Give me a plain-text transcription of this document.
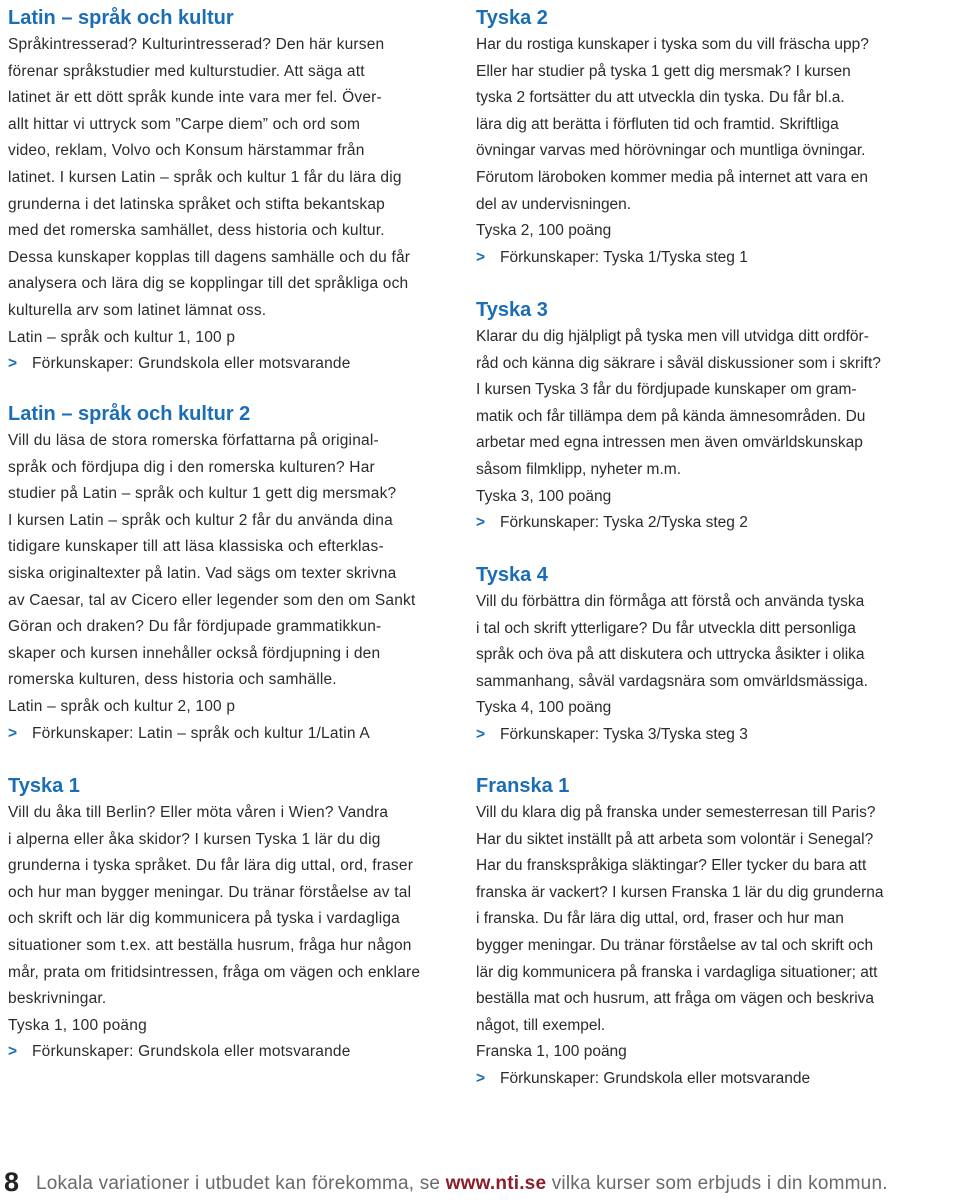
Latin – språk och kultur
Språkintresserad? Kulturintresserad? Den här kursen
förenar språkstudier med kulturstudier. Att säga att
latinet är ett dött språk kunde inte vara mer fel. Över-
allt hittar vi uttryck som ”Carpe diem” och ord som
video, reklam, Volvo och Konsum härstammar från
latinet. I kursen Latin – språk och kultur 1 får du lära dig
grunderna i det latinska språket och stifta bekantskap
med det romerska samhället, dess historia och kultur.
Dessa kunskaper kopplas till dagens samhälle och du får
analysera och lära dig se kopplingar till det språkliga och
kulturella arv som latinet lämnat oss.
Latin – språk och kultur 1, 100 p
> Förkunskaper: Grundskola eller motsvarande
Latin – språk och kultur 2
Vill du läsa de stora romerska författarna på original-
språk och fördjupa dig i den romerska kulturen? Har
studier på Latin – språk och kultur 1 gett dig mersmak?
I kursen Latin – språk och kultur 2 får du använda dina
tidigare kunskaper till att läsa klassiska och efterklas-
siska originaltexter på latin. Vad sägs om texter skrivna
av Caesar, tal av Cicero eller legender som den om Sankt
Göran och draken? Du får fördjupade grammatikkun-
skaper och kursen innehåller också fördjupning i den
romerska kulturen, dess historia och samhälle.
Latin – språk och kultur 2, 100 p
> Förkunskaper: Latin – språk och kultur 1/Latin A
Tyska 1
Vill du åka till Berlin? Eller möta våren i Wien? Vandra
i alperna eller åka skidor? I kursen Tyska 1 lär du dig
grunderna i tyska språket. Du får lära dig uttal, ord, fraser
och hur man bygger meningar. Du tränar förståelse av tal
och skrift och lär dig kommunicera på tyska i vardagliga
situationer som t.ex. att beställa husrum, fråga hur någon
mår, prata om fritidsintressen, fråga om vägen och enklare
beskrivningar.
Tyska 1, 100 poäng
> Förkunskaper: Grundskola eller motsvarande
Tyska 2
Har du rostiga kunskaper i tyska som du vill fräscha upp?
Eller har studier på tyska 1 gett dig mersmak? I kursen
tyska 2 fortsätter du att utveckla din tyska. Du får bl.a.
lära dig att berätta i förfluten tid och framtid. Skriftliga
övningar varvas med hörövningar och muntliga övningar.
Förutom läroboken kommer media på internet att vara en
del av undervisningen.
Tyska 2, 100 poäng
> Förkunskaper: Tyska 1/Tyska steg 1
Tyska 3
Klarar du dig hjälpligt på tyska men vill utvidga ditt ordför-
råd och känna dig säkrare i såväl diskussioner som i skrift?
I kursen Tyska 3 får du fördjupade kunskaper om gram-
matik och får tillämpa dem på kända ämnesområden. Du
arbetar med egna intressen men även omvärldskunskap
såsom filmklipp, nyheter m.m.
Tyska 3, 100 poäng
> Förkunskaper: Tyska 2/Tyska steg 2
Tyska 4
Vill du förbättra din förmåga att förstå och använda tyska
i tal och skrift ytterligare? Du får utveckla ditt personliga
språk och öva på att diskutera och uttrycka åsikter i olika
sammanhang, såväl vardagsnära som omvärldsmässiga.
Tyska 4, 100 poäng
> Förkunskaper: Tyska 3/Tyska steg 3
Franska 1
Vill du klara dig på franska under semesterresan till Paris?
Har du siktet inställt på att arbeta som volontär i Senegal?
Har du franskspråkiga släktingar? Eller tycker du bara att
franska är vackert? I kursen Franska 1 lär du dig grunderna
i franska. Du får lära dig uttal, ord, fraser och hur man
bygger meningar. Du tränar förståelse av tal och skrift och
lär dig kommunicera på franska i vardagliga situationer; att
beställa mat och husrum, att fråga om vägen och beskriva
något, till exempel.
Franska 1, 100 poäng
> Förkunskaper: Grundskola eller motsvarande
8 Lokala variationer i utbudet kan förekomma, se www.nti.se vilka kurser som erbjuds i din kommun.
